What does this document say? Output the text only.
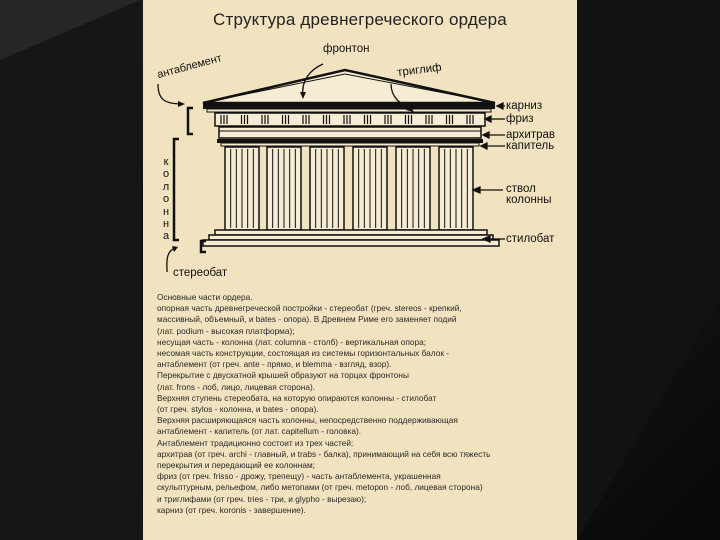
Структура древнегреческого ордера
антаблемент
фронтон
триглиф
карниз
фриз
архитрав
капитель
ствол
колонны
стилобат
стереобат
к
о
л
о
н
н
а
Основные части ордера.
опорная часть древнегреческой постройки - стереобат (греч. stereos - крепкий,
массивный, объемный, и bates - опора). В Древнем Риме его заменяет подий
(лат. podium - высокая платформа);
несущая часть - колонна (лат. columna - столб) - вертикальная опора;
несомая часть конструкции, состоящая из системы горизонтальных балок -
антаблемент (от греч. ante - прямо, и blemma - взгляд, взор).
Перекрытие с двускатной крышей образуют на торцах фронтоны
(лат. frons - лоб, лицо, лицевая сторона).
Верхняя ступень стереобата, на которую опираются колонны - стилобат
(от греч. stylos - колонна, и bates - опора).
Верхняя расширяющаяся часть колонны, непосредственно поддерживающая
антаблемент - капитель (от лат. capitellum - головка).
Антаблемент традиционно состоит из трех частей:
архитрав (от греч. archi - главный, и trabs - балка), принимающий на себя всю тяжесть
перекрытия и передающий ее колоннам;
фриз (от греч. frisso - дрожу, трепещу) - часть антаблемента, украшенная
скульптурным, рельефом, либо метопами (от греч. metopon - лоб, лицевая сторона)
и триглифами (от греч. tries - три, и glypho - вырезаю);
карниз (от греч. koronis - завершение).
